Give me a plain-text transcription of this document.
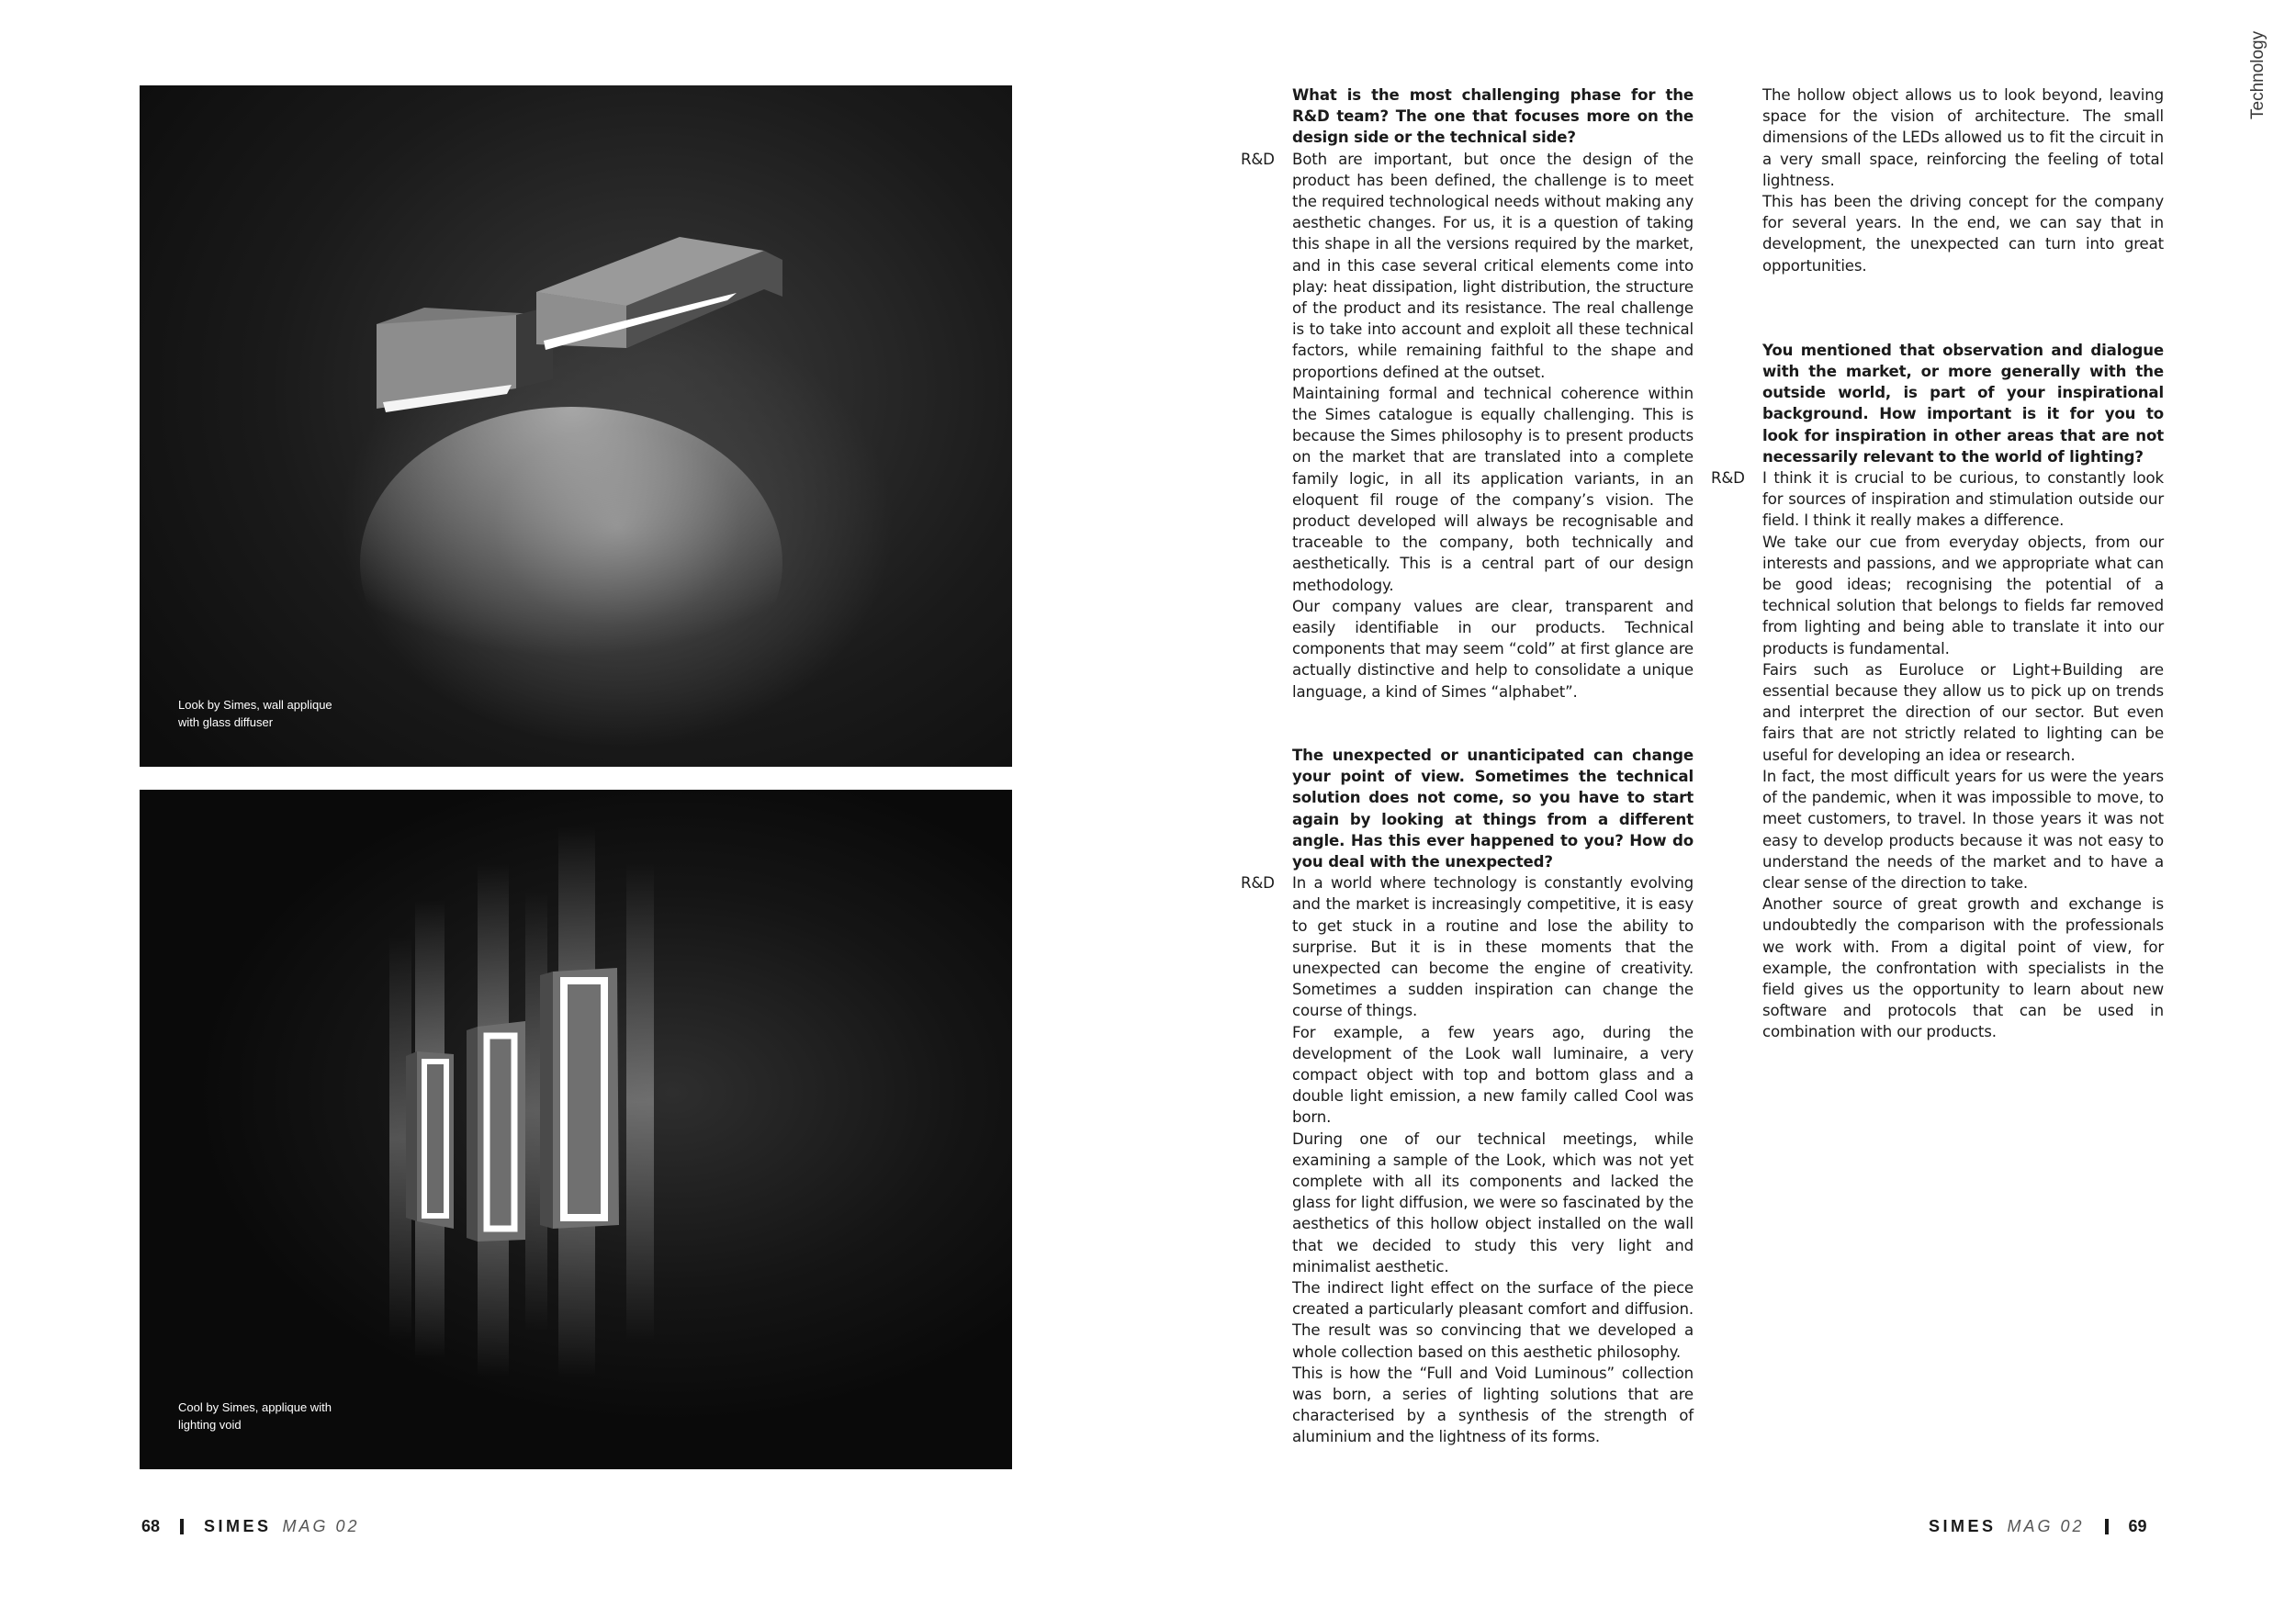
Look by Simes, wall applique
with glass diffuser
Cool by Simes, applique with
lighting void
What is the most challenging phase for the R&D team? The one that focuses more on the design side or the technical side?
R&D Both are important, but once the design of the product has been defined, the challenge is to meet the required technological needs without making any aesthetic changes. For us, it is a question of taking this shape in all the versions required by the market, and in this case several critical elements come into play: heat dissipation, light distribution, the structure of the product and its resistance. The real challenge is to take into account and exploit all these technical factors, while remaining faithful to the shape and proportions defined at the outset.
Maintaining formal and technical coherence within the Simes catalogue is equally challenging. This is because the Simes philosophy is to present products on the market that are translated into a complete family logic, in all its application variants, in an eloquent fil rouge of the company’s vision. The product developed will always be recognisable and traceable to the company, both technically and aesthetically. This is a central part of our design methodology.
Our company values are clear, transparent and easily identifiable in our products. Technical components that may seem “cold” at first glance are actually distinctive and help to consolidate a unique language, a kind of Simes “alphabet”.
The unexpected or unanticipated can change your point of view. Sometimes the technical solution does not come, so you have to start again by looking at things from a different angle. Has this ever happened to you? How do you deal with the unexpected?
R&D In a world where technology is constantly evolving and the market is increasingly competitive, it is easy to get stuck in a routine and lose the ability to surprise. But it is in these moments that the unexpected can become the engine of creativity. Sometimes a sudden inspiration can change the course of things.
For example, a few years ago, during the development of the Look wall luminaire, a very compact object with top and bottom glass and a double light emission, a new family called Cool was born.
During one of our technical meetings, while examining a sample of the Look, which was not yet complete with all its components and lacked the glass for light diffusion, we were so fascinated by the aesthetics of this hollow object installed on the wall that we decided to study this very light and minimalist aesthetic.
The indirect light effect on the surface of the piece created a particularly pleasant comfort and diffusion. The result was so convincing that we developed a whole collection based on this aesthetic philosophy.
This is how the “Full and Void Luminous” collection was born, a series of lighting solutions that are characterised by a synthesis of the strength of aluminium and the lightness of its forms.
The hollow object allows us to look beyond, leaving space for the vision of architecture. The small dimensions of the LEDs allowed us to fit the circuit in a very small space, reinforcing the feeling of total lightness.
This has been the driving concept for the company for several years. In the end, we can say that in development, the unexpected can turn into great opportunities.
You mentioned that observation and dialogue with the market, or more generally with the outside world, is part of your inspirational background. How important is it for you to look for inspiration in other areas that are not necessarily relevant to the world of lighting?
R&D I think it is crucial to be curious, to constantly look for sources of inspiration and stimulation outside our field. I think it really makes a difference.
We take our cue from everyday objects, from our interests and passions, and we appropriate what can be good ideas; recognising the potential of a technical solution that belongs to fields far removed from lighting and being able to translate it into our products is fundamental.
Fairs such as Euroluce or Light+Building are essential because they allow us to pick up on trends and interpret the direction of our sector. But even fairs that are not strictly related to lighting can be useful for developing an idea or research.
In fact, the most difficult years for us were the years of the pandemic, when it was impossible to move, to meet customers, to travel. In those years it was not easy to develop products because it was not easy to understand the needs of the market and to have a clear sense of the direction to take.
Another source of great growth and exchange is undoubtedly the comparison with the professionals we work with. From a digital point of view, for example, the confrontation with specialists in the field gives us the opportunity to learn about new software and protocols that can be used in combination with our products.
Technology
68	SIMES MAG 02	SIMES MAG 02	69
